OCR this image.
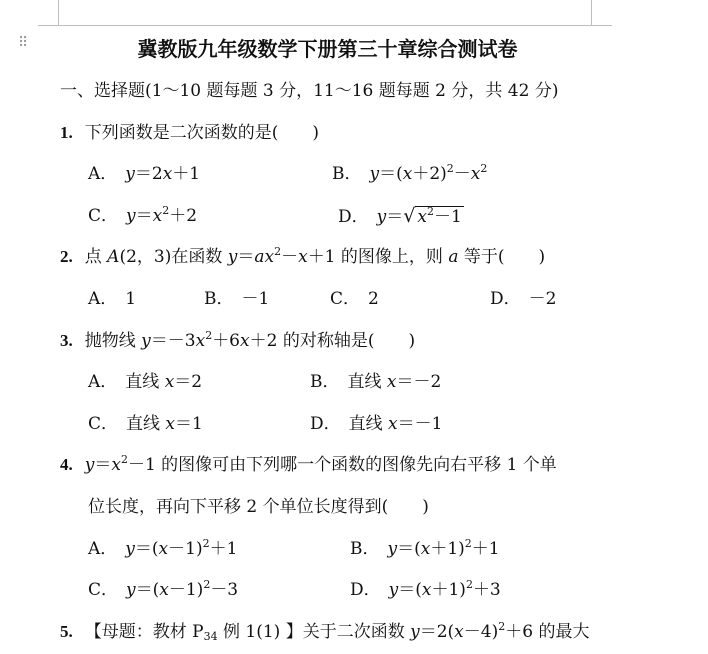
⠿	冀教版九年级数学下册第三十章综合测试卷
一、选择题(1～10 题每题 3 分，11～16 题每题 2 分，共 42 分)
1. 下列函数是二次函数的是(　　)
A． y＝2x＋1	B． $y=(x+2)^2-x^2$
C． $y=x^2+2$	D． y＝√ $x^2-1$
2. 点 A(2，3)在函数 $y=ax^2-x+1$ 的图像上，则 a 等于(　　)
A． 1	B． －1	C． 2	D． －2
3. 抛物线 $y=-3x^2+6x+2$ 的对称轴是(　　)
A． 直线 x＝2	B． 直线 x＝－2
C． 直线 x＝1	D． 直线 x＝－1
4. $y=x^2-1$ 的图像可由下列哪一个函数的图像先向右平移 1 个单
位长度，再向下平移 2 个单位长度得到(　　)
A． $y=(x-1)^2+1$	B． $y=(x+1)^2+1$
C． $y=(x-1)^2-3$	D． $y=(x+1)^2+3$
5. 【母题：教材 $P_{34}$ 例 1(1) 】关于二次函数 $y=2(x-4)^2+6$ 的最大
